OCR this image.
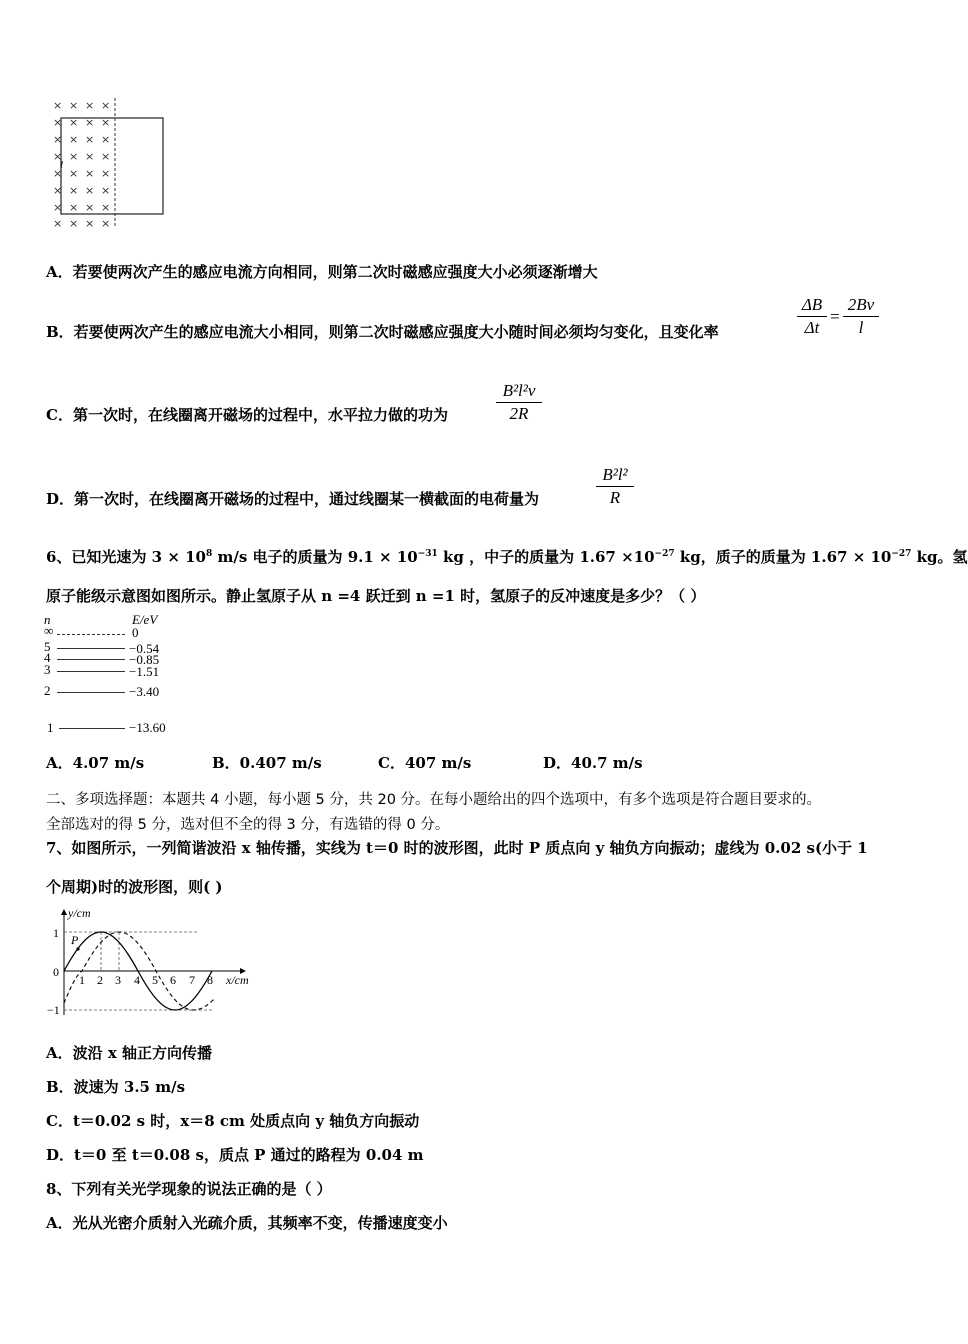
× × × ×
× × × ×
× × × ×
× × × ×
× × × ×
× × × ×
× × × ×
× × × ×
l
A．若要使两次产生的感应电流方向相同，则第二次时磁感应强度大小必须逐渐增大
B．若要使两次产生的感应电流大小相同，则第二次时磁感应强度大小随时间必须均匀变化，且变化率
ΔB
Δt
=
2Bv
l
C．第一次时，在线圈离开磁场的过程中，水平拉力做的功为
B²l²v
2R
D．第一次时，在线圈离开磁场的过程中，通过线圈某一横截面的电荷量为
B²l²
R
6、已知光速为 $3 \times 10^8$ m/s 电子的质量为 $9.1 \times 10^{-31}$ kg ，中子的质量为 $1.67 \times 10^{-27}$ kg，质子的质量为 $1.67 \times 10^{-27}$ kg。氢
原子能级示意图如图所示。静止氢原子从 n =4 跃迁到 n =1 时，氢原子的反冲速度是多少？（ ）
n	E/eV
∞	0
5	−0.54
4	−0.85
3	−1.51
2	−3.40
1	−13.60
A．4.07 m/s	B．0.407 m/s	C．407 m/s	D．40.7 m/s
二、多项选择题：本题共 4 小题，每小题 5 分，共 20 分。在每小题给出的四个选项中，有多个选项是符合题目要求的。
全部选对的得 5 分，选对但不全的得 3 分，有选错的得 0 分。
7、如图所示，一列简谐波沿 x 轴传播，实线为 t＝0 时的波形图，此时 P 质点向 y 轴负方向振动；虚线为 0.02 s(小于 1
个周期)时的波形图，则( )
y/cm
x/cm
1
0
−1
1 2 3 4 5 6 7 8
P
A．波沿 x 轴正方向传播
B．波速为 3.5 m/s
C．t＝0.02 s 时，x＝8 cm 处质点向 y 轴负方向振动
D．t＝0 至 t＝0.08 s，质点 P 通过的路程为 0.04 m
8、下列有关光学现象的说法正确的是（ ）
A．光从光密介质射入光疏介质，其频率不变，传播速度变小
